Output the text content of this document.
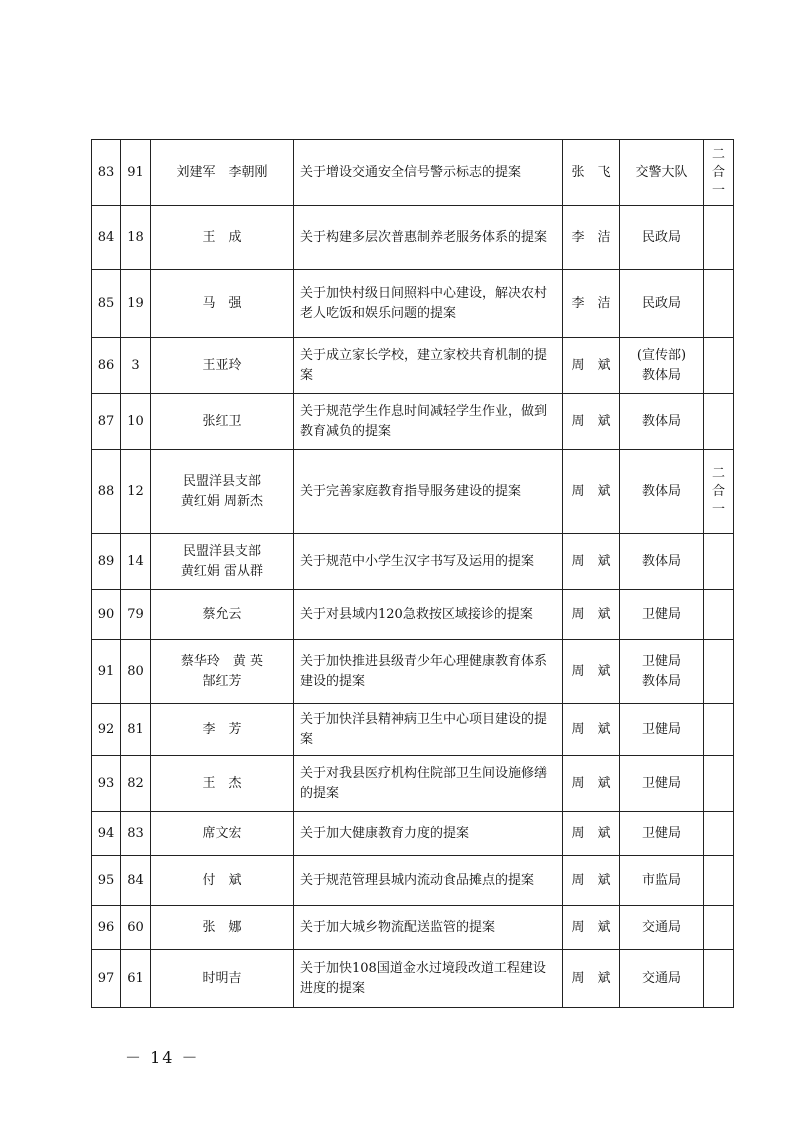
83	91	刘建军　李朝刚	关于增设交通安全信号警示标志的提案	张　飞	交警大队	二
合
一

84	18	王　成	关于构建多层次普惠制养老服务体系的提案	李　洁	民政局	
85	19	马　强	关于加快村级日间照料中心建设，解决农村老人吃饭和娱乐问题的提案	李　洁	民政局	
86	3	王亚玲	关于成立家长学校，建立家校共育机制的提案	周　斌	(宣传部)
教体局	
87	10	张红卫	关于规范学生作息时间减轻学生作业，做到教育减负的提案	周　斌	教体局	
88	12	民盟洋县支部
黄红娟 周新杰	关于完善家庭教育指导服务建设的提案	周　斌	教体局	二
合
一

89	14	民盟洋县支部
黄红娟 雷从群	关于规范中小学生汉字书写及运用的提案	周　斌	教体局	
90	79	蔡允云	关于对县域内120急救按区域接诊的提案	周　斌	卫健局	
91	80	蔡华玲　黄 英
郜红芳	关于加快推进县级青少年心理健康教育体系建设的提案	周　斌	卫健局
教体局	
92	81	李　芳	关于加快洋县精神病卫生中心项目建设的提案	周　斌	卫健局	
93	82	王　杰	关于对我县医疗机构住院部卫生间设施修缮的提案	周　斌	卫健局	
94	83	席文宏	关于加大健康教育力度的提案	周　斌	卫健局	
95	84	付　斌	关于规范管理县城内流动食品摊点的提案	周　斌	市监局	
96	60	张　娜	关于加大城乡物流配送监管的提案	周　斌	交通局	
97	61	时明吉	关于加快108国道金水过境段改道工程建设进度的提案	周　斌	交通局	
－ 14 －
